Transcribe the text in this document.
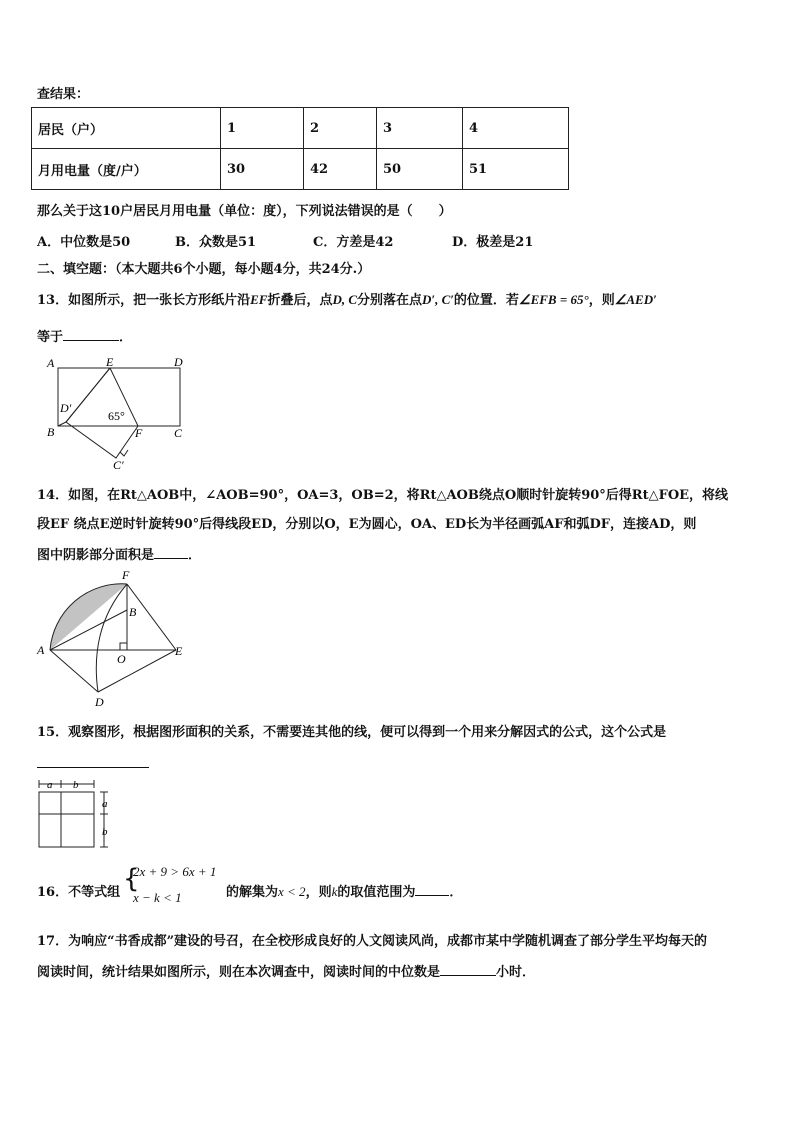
查结果：
居民（户）	1	2	3	4
月用电量（度/户）	30	42	50	51
那么关于这10户居民月用电量（单位：度），下列说法错误的是（　　）
A．中位数是50	B．众数是51	C．方差是42	D．极差是21
二、填空题：（本大题共6个小题，每小题4分，共24分.）
13．如图所示，把一张长方形纸片沿EF折叠后，点D, C分别落在点D′, C′的位置．若∠EFB = 65°，则∠AED′
等于	．
A	E	D
D′
65°
B	F	C
C′
14．如图，在Rt△AOB中，∠AOB=90°，OA=3，OB=2，将Rt△AOB绕点O顺时针旋转90°后得Rt△FOE，将线
段EF 绕点E逆时针旋转90°后得线段ED，分别以O，E为圆心，OA、ED长为半径画弧AF和弧DF，连接AD，则
图中阴影部分面积是	．
F
B
A
O
E
D
15．观察图形，根据图形面积的关系，不需要连其他的线，便可以得到一个用来分解因式的公式，这个公式是
a b
a
b
16．不等式组 {
2x + 9 > 6x + 1
x − k < 1	的解集为x < 2，则k的取值范围为	．
17．为响应“书香成都”建设的号召，在全校形成良好的人文阅读风尚，成都市某中学随机调查了部分学生平均每天的
阅读时间，统计结果如图所示，则在本次调查中，阅读时间的中位数是	小时．
